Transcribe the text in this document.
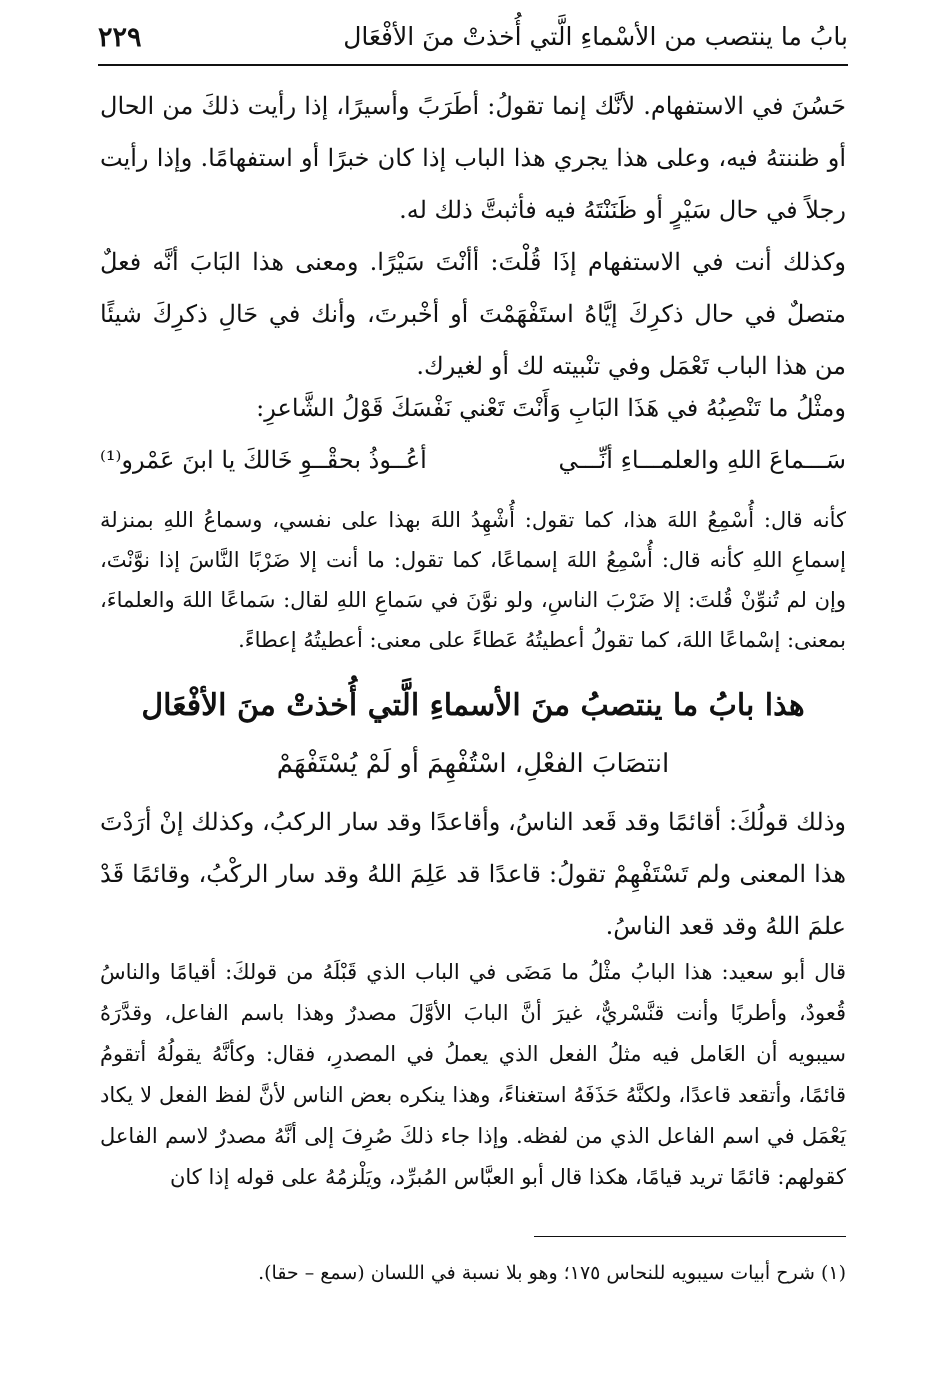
بابُ ما ينتصب من الأسْماءِ الَّتي أُخذتْ منَ الأفْعَال
٢٢٩

حَسُنَ في الاستفهام. لأنَّك إنما تقولُ: أطَرَبً وأسيرًا، إذا رأيت ذلكَ من الحال أو ظننتهُ فيه، وعلى هذا يجري هذا الباب إذا كان خبرًا أو استفهامًا. وإذا رأيت رجلاً في حال سَيْرٍ أو ظَنَنْتَهُ فيه فأثبتَّ ذلك له.

وكذلك أنت في الاستفهام إذَا قُلْتَ: أأنْتَ سَيْرًا. ومعنى هذا البَابَ أنَّه فعلٌ متصلٌ في حال ذكرِكَ إيَّاهُ استَفْهَمْتَ أو أخْبرتَ، وأنك في حَالِ ذكرِكَ شيئًا من هذا الباب تَعْمَل وفي تنْبيته لك أو لغيرك.

ومثْلُ ما تَنْصِبُهُ في هَذَا البَابِ وَأَنْتَ تَعْني نَفْسَكَ قَوْلُ الشَّاعرِ:

سَـــماعَ اللهِ والعلمـــاءِ أنِّـــي
أعُــوذُ بحقْــوِ خَالكَ يا ابنَ عَمْرو⁽¹⁾

كأنه قال: أُسْمِعُ اللهَ هذا، كما تقول: أُشْهِدُ اللهَ بهذا على نفسي، وسماعُ اللهِ بمنزلة إسماعِ اللهِ كأنه قال: أُسْمِعُ اللهَ إسماعًا، كما تقول: ما أنت إلا ضَرْبًا النَّاسَ إذا نوَّنْتَ، وإن لم تُنوِّنْ قُلتَ: إلا ضَرْبَ الناسِ، ولو نوَّنَ في سَماعِ اللهِ لقال: سَماعًا اللهَ والعلماءَ، بمعنى: إسْماعًا اللهَ، كما تقولُ أعطيتُهُ عَطاءً على معنى: أعطيتُهُ إعطاءً.

هذا بابُ ما ينتصبُ منَ الأسماءِ الَّتي أُخذتْ منَ الأفْعَال
انتصَابَ الفعْلِ، اسْتُفْهِمَ أو لَمْ يُسْتَفْهَمْ

وذلك قولُكَ: أقائمًا وقد قَعد الناسُ، وأقاعدًا وقد سار الركبُ، وكذلك إنْ أرَدْتَ هذا المعنى ولم تَسْتَفْهِمْ تقولُ: قاعدًا قد عَلِمَ اللهُ وقد سار الركْبُ، وقائمًا قَدْ علمَ اللهُ وقد قعد الناسُ.

قال أبو سعيد: هذا البابُ مثْلُ ما مَضَى في الباب الذي قَبْلَهُ من قولكَ: أقيامًا والناسُ قُعودٌ، وأطربًا وأنت قنَّسْريٌّ، غيرَ أنَّ البابَ الأوَّلَ مصدرٌ وهذا باسم الفاعل، وقدَّرَهُ سيبويه أن العَامل فيه مثلُ الفعل الذي يعملُ في المصدرِ، فقال: وكأنَّهُ يقولُهُ أتقومُ قائمًا، وأتقعد قاعدًا، ولكنَّهُ حَذَفَهُ استغناءً، وهذا ينكره بعض الناس لأنَّ لفظ الفعل لا يكاد يَعْمَل في اسم الفاعل الذي من لفظه. وإذا جاء ذلكَ صُرِفَ إلى أنَّهُ مصدرٌ لاسم الفاعل كقولهم: قائمًا تريد قيامًا، هكذا قال أبو العبَّاس المُبرِّد، ويَلْزمُهُ على قوله إذا كان

(١) شرح أبيات سيبويه للنحاس ١٧٥؛ وهو بلا نسبة في اللسان (سمع – حقا).
